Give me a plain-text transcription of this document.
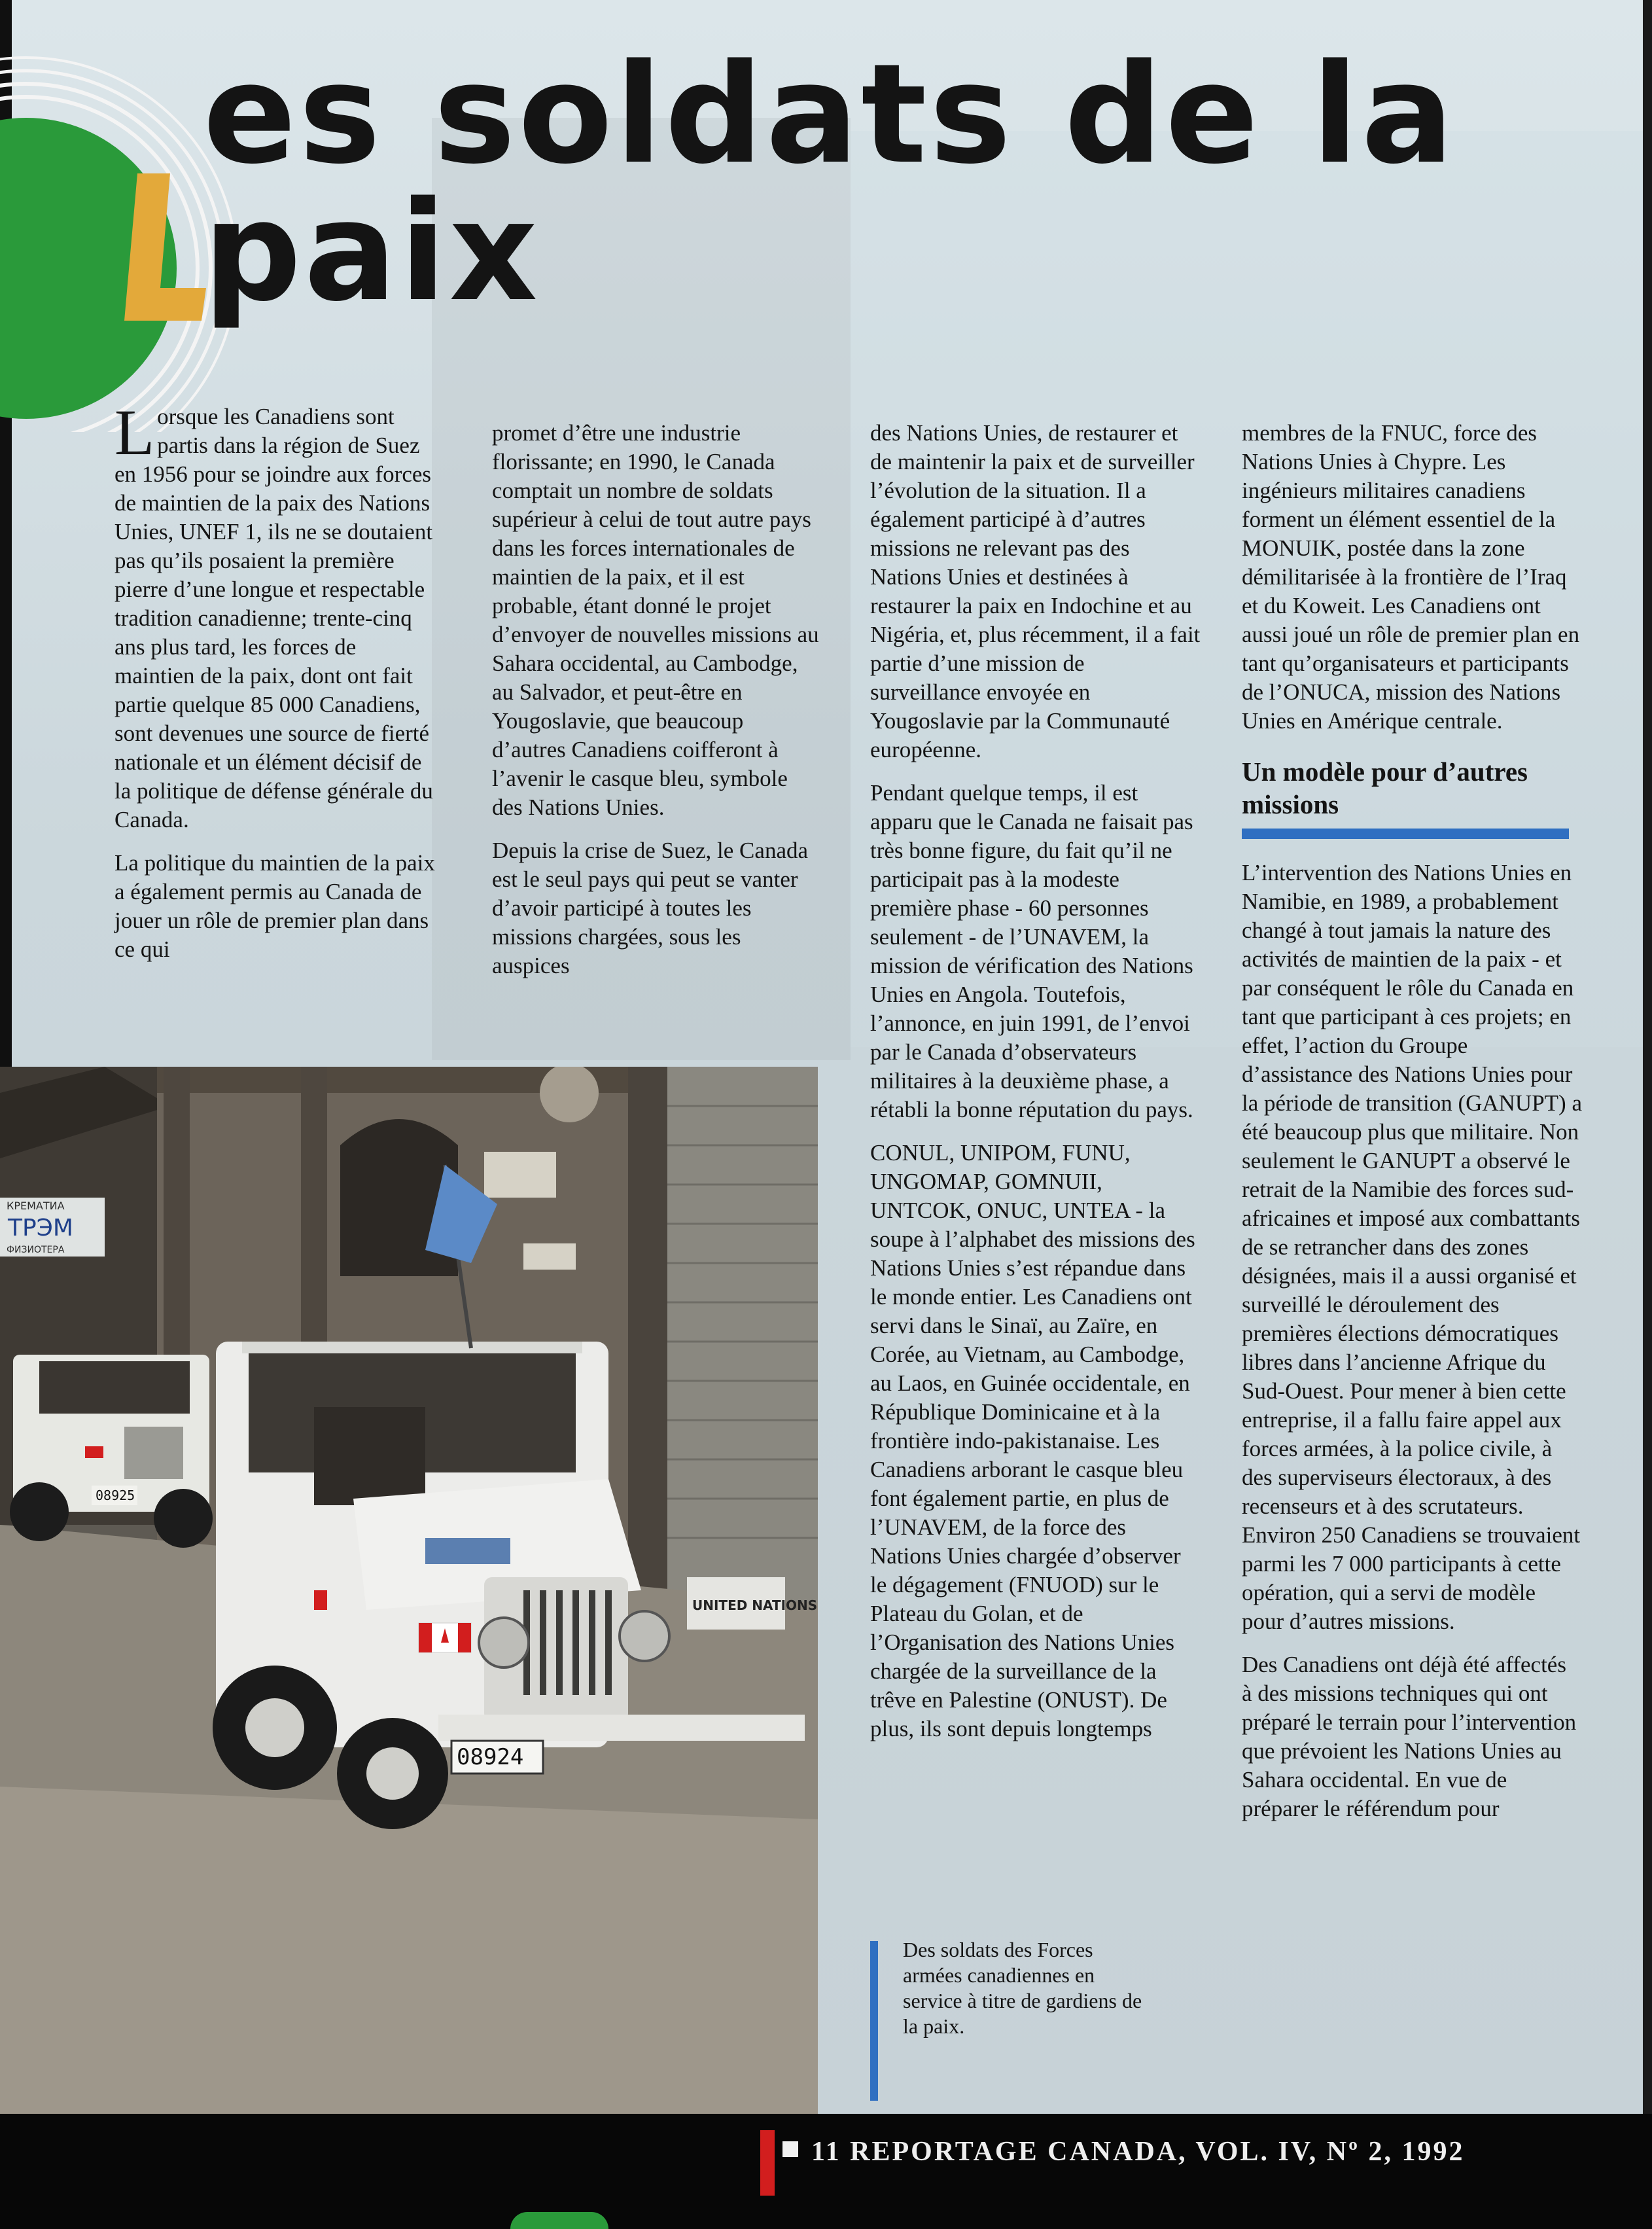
es soldats de la paix

Lorsque les Canadiens sont partis dans la région de Suez en 1956 pour se joindre aux forces de maintien de la paix des Nations Unies, UNEF 1, ils ne se doutaient pas qu’ils posaient la première pierre d’une longue et respectable tradition canadienne; trente-cinq ans plus tard, les forces de maintien de la paix, dont ont fait partie quelque 85 000 Canadiens, sont devenues une source de fierté nationale et un élément décisif de la politique de défense générale du Canada.

La politique du maintien de la paix a également permis au Canada de jouer un rôle de premier plan dans ce qui

promet d’être une industrie florissante; en 1990, le Canada comptait un nombre de soldats supérieur à celui de tout autre pays dans les forces internationales de maintien de la paix, et il est probable, étant donné le projet d’envoyer de nouvelles missions au Sahara occidental, au Cambodge, au Salvador, et peut-être en Yougoslavie, que beaucoup d’autres Canadiens coifferont à l’avenir le casque bleu, symbole des Nations Unies.

Depuis la crise de Suez, le Canada est le seul pays qui peut se vanter d’avoir participé à toutes les missions chargées, sous les auspices

des Nations Unies, de restaurer et de maintenir la paix et de surveiller l’évolution de la situation. Il a également participé à d’autres missions ne relevant pas des Nations Unies et destinées à restaurer la paix en Indochine et au Nigéria, et, plus récemment, il a fait partie d’une mission de surveillance envoyée en Yougoslavie par la Communauté européenne.

Pendant quelque temps, il est apparu que le Canada ne faisait pas très bonne figure, du fait qu’il ne participait pas à la modeste première phase - 60 personnes seulement - de l’UNAVEM, la mission de vérification des Nations Unies en Angola. Toutefois, l’annonce, en juin 1991, de l’envoi par le Canada d’observateurs militaires à la deuxième phase, a rétabli la bonne réputation du pays.

CONUL, UNIPOM, FUNU, UNGOMAP, GOMNUII, UNTCOK, ONUC, UNTEA - la soupe à l’alphabet des missions des Nations Unies s’est répandue dans le monde entier. Les Canadiens ont servi dans le Sinaï, au Zaïre, en Corée, au Vietnam, au Cambodge, au Laos, en Guinée occidentale, en République Dominicaine et à la frontière indo-pakistanaise. Les Canadiens arborant le casque bleu font également partie, en plus de l’UNAVEM, de la force des Nations Unies chargée d’observer le dégagement (FNUOD) sur le Plateau du Golan, et de l’Organisation des Nations Unies chargée de la surveillance de la trêve en Palestine (ONUST). De plus, ils sont depuis longtemps

membres de la FNUC, force des Nations Unies à Chypre. Les ingénieurs militaires canadiens forment un élément essentiel de la MONUIK, postée dans la zone démilitarisée à la frontière de l’Iraq et du Koweit. Les Canadiens ont aussi joué un rôle de premier plan en tant qu’organisateurs et participants de l’ONUCA, mission des Nations Unies en Amérique centrale.

Un modèle pour d’autres missions

L’intervention des Nations Unies en Namibie, en 1989, a probablement changé à tout jamais la nature des activités de maintien de la paix - et par conséquent le rôle du Canada en tant que participant à ces projets; en effet, l’action du Groupe d’assistance des Nations Unies pour la période de transition (GANUPT) a été beaucoup plus que militaire. Non seulement le GANUPT a observé le retrait de la Namibie des forces sud-africaines et imposé aux combattants de se retrancher dans des zones désignées, mais il a aussi organisé et surveillé le déroulement des premières élections démocratiques libres dans l’ancienne Afrique du Sud-Ouest. Pour mener à bien cette entreprise, il a fallu faire appel aux forces armées, à la police civile, à des superviseurs électoraux, à des recenseurs et à des scrutateurs. Environ 250 Canadiens se trouvaient parmi les 7 000 participants à cette opération, qui a servi de modèle pour d’autres missions.

Des Canadiens ont déjà été affectés à des missions techniques qui ont préparé le terrain pour l’intervention que prévoient les Nations Unies au Sahara occidental. En vue de préparer le référendum pour

КРЕМАТИА
ТРЭМ
ФИЗИОТЕРА
08925
UNITED NATIONS
08924
Des soldats des Forces armées canadiennes en service à titre de gardiens de la paix.
11 REPORTAGE CANADA, VOL. IV, Nº 2, 1992
